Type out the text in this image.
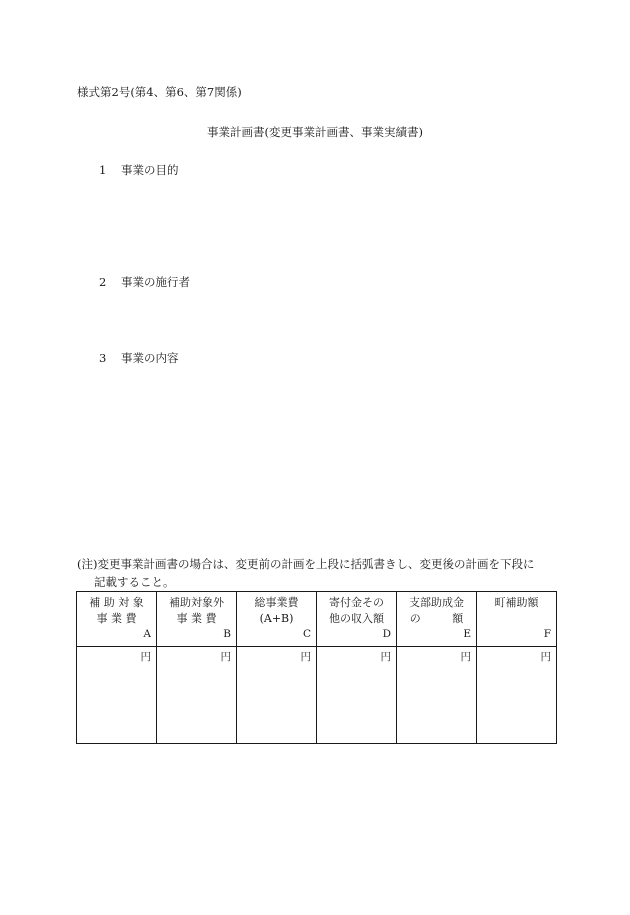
様式第2号(第4、第6、第7関係)
事業計画書(変更事業計画書、事業実績書)
1 事業の目的
2 事業の施行者
3 事業の内容
(注)変更事業計画書の場合は、変更前の計画を上段に括弧書きし、変更後の計画を下段に
記載すること。
補 助 対 象
事 業 費
A	補助対象外
事 業 費
B	総事業費
(A+B)
C	寄付金その
他の収入額
D	支部助成金
の 額
E	町補助額
F

円	円	円	円	円	円
